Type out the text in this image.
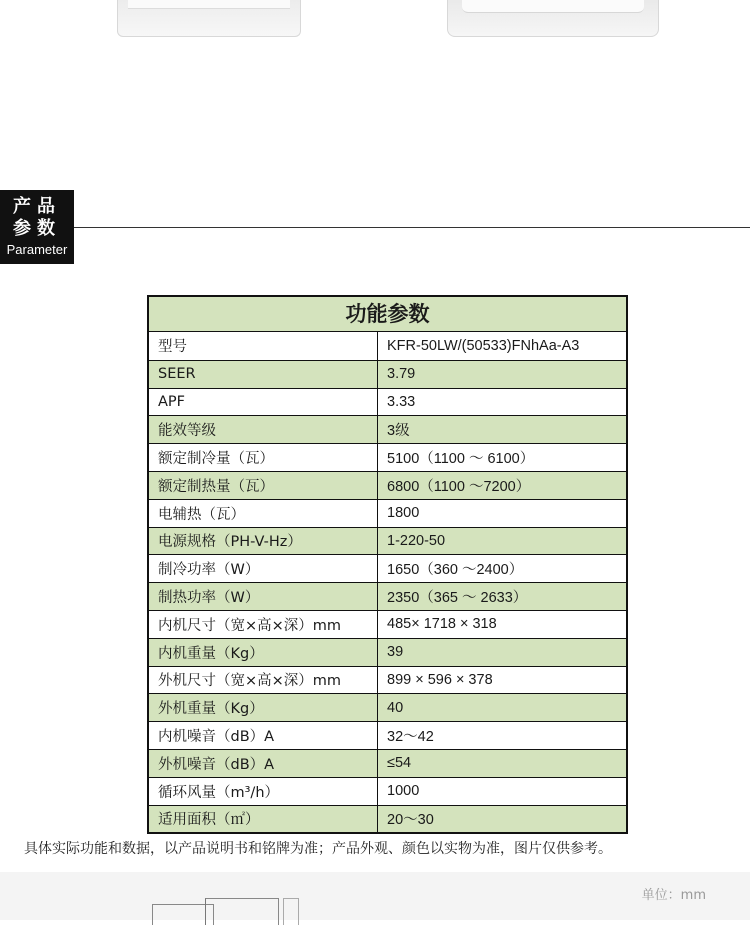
产品
参数
Parameter
功能参数
型号	KFR-50LW/(50533)FNhAa-A3
SEER	3.79
APF	3.33
能效等级	3级
额定制冷量（瓦）	5100（1100 ～ 6100）
额定制热量（瓦）	6800（1100 ～7200）
电辅热（瓦）	1800
电源规格（PH-V-Hz）	1-220-50
制冷功率（W）	1650（360 ～2400）
制热功率（W）	2350（365 ～ 2633）
内机尺寸（宽×高×深）mm	485× 1718 × 318
内机重量（Kg）	39
外机尺寸（宽×高×深）mm	899 × 596 × 378
外机重量（Kg）	40
内机噪音（dB）A	32～42
外机噪音（dB）A	≤54
循环风量（m³/h）	1000
适用面积（㎡）	20～30
具体实际功能和数据，以产品说明书和铭牌为准；产品外观、颜色以实物为准，图片仅供参考。
单位：mm
